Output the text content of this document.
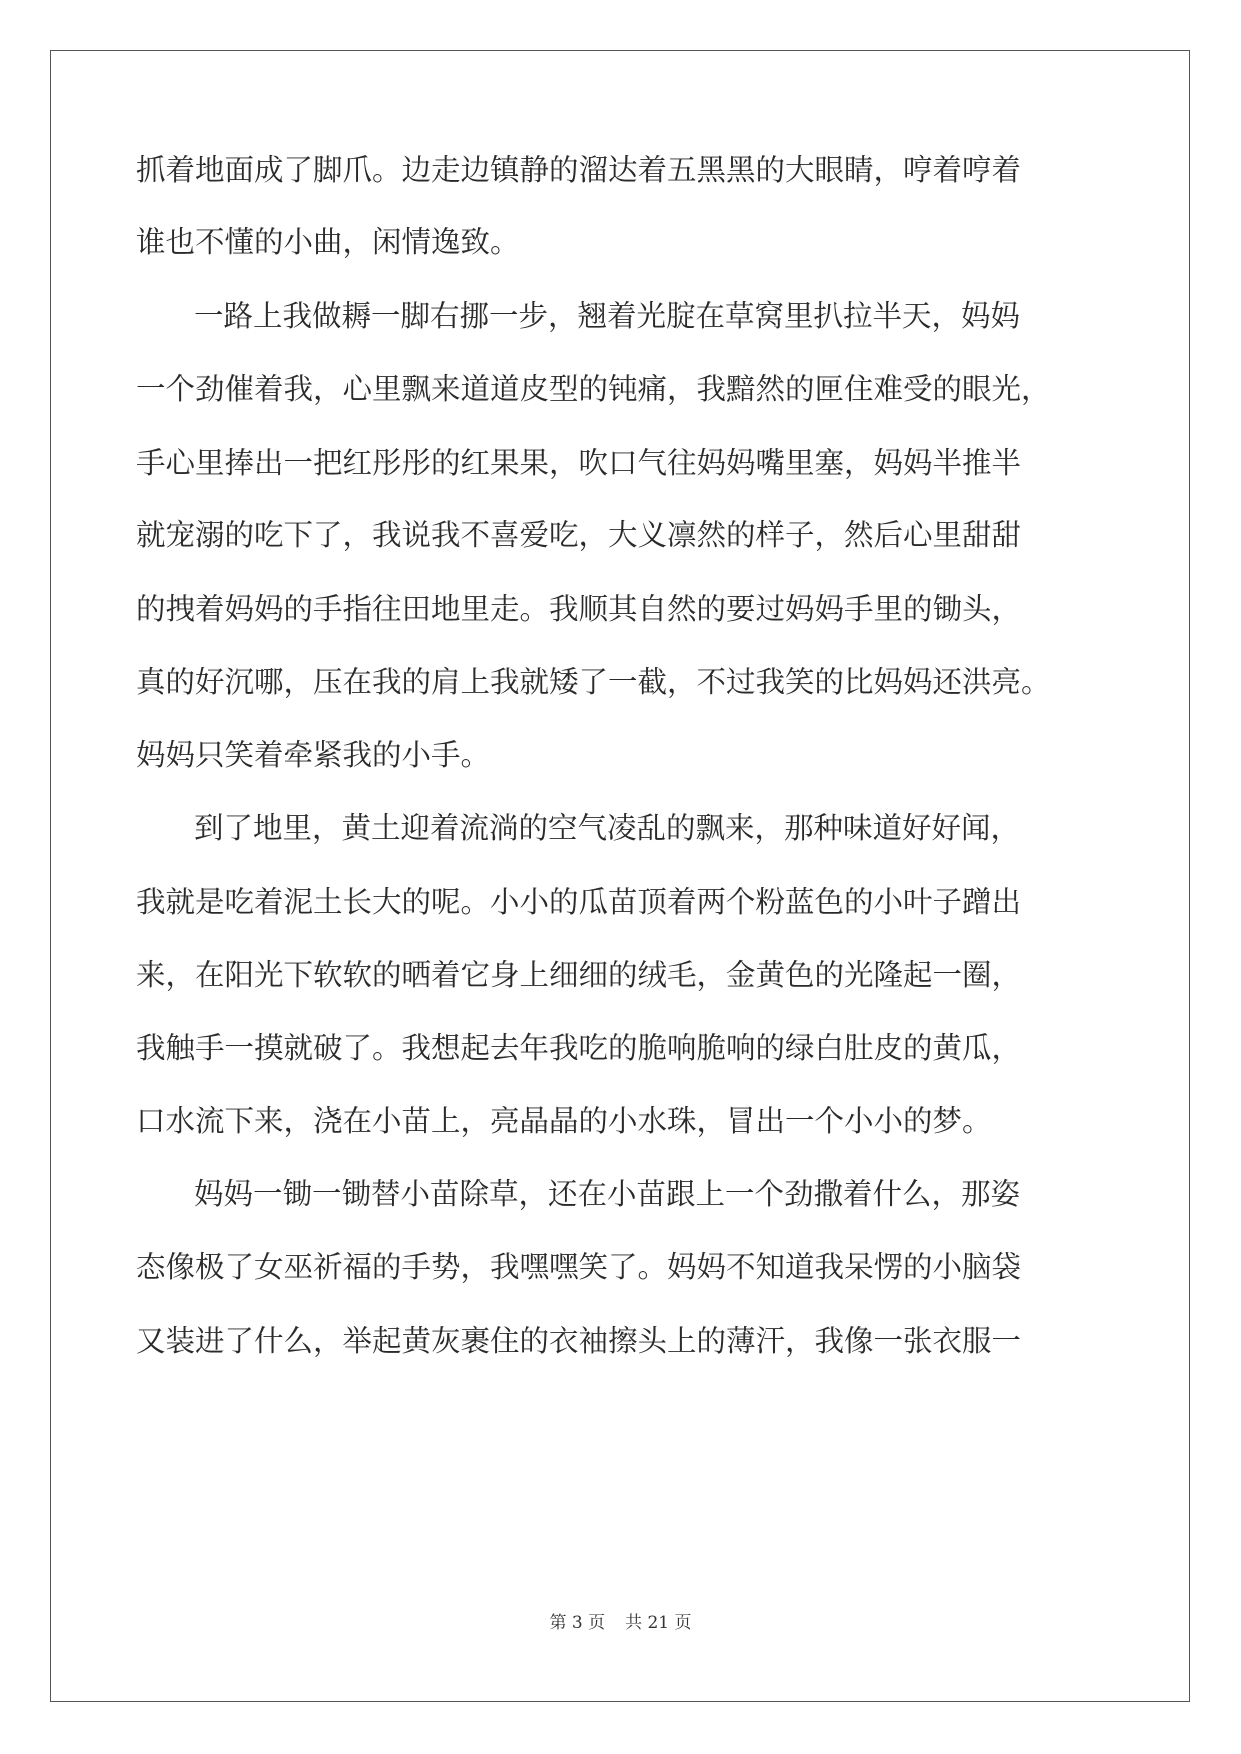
抓着地面成了脚爪。边走边镇静的溜达着五黑黑的大眼睛，哼着哼着

谁也不懂的小曲，闲情逸致。

一路上我做耨一脚右挪一步，翘着光腚在草窝里扒拉半天，妈妈

一个劲催着我，心里飘来道道皮型的钝痛，我黯然的匣住难受的眼光，

手心里捧出一把红彤彤的红果果，吹口气往妈妈嘴里塞，妈妈半推半

就宠溺的吃下了，我说我不喜爱吃，大义凛然的样子，然后心里甜甜

的拽着妈妈的手指往田地里走。我顺其自然的要过妈妈手里的锄头，

真的好沉哪，压在我的肩上我就矮了一截，不过我笑的比妈妈还洪亮。

妈妈只笑着牵紧我的小手。

到了地里，黄土迎着流淌的空气凌乱的飘来，那种味道好好闻，

我就是吃着泥土长大的呢。小小的瓜苗顶着两个粉蓝色的小叶子蹭出

来，在阳光下软软的晒着它身上细细的绒毛，金黄色的光隆起一圈，

我触手一摸就破了。我想起去年我吃的脆响脆响的绿白肚皮的黄瓜，

口水流下来，浇在小苗上，亮晶晶的小水珠，冒出一个小小的梦。

妈妈一锄一锄替小苗除草，还在小苗跟上一个劲撒着什么，那姿

态像极了女巫祈福的手势，我嘿嘿笑了。妈妈不知道我呆愣的小脑袋

又装进了什么，举起黄灰裹住的衣袖擦头上的薄汗，我像一张衣服一

第 3 页 共 21 页
